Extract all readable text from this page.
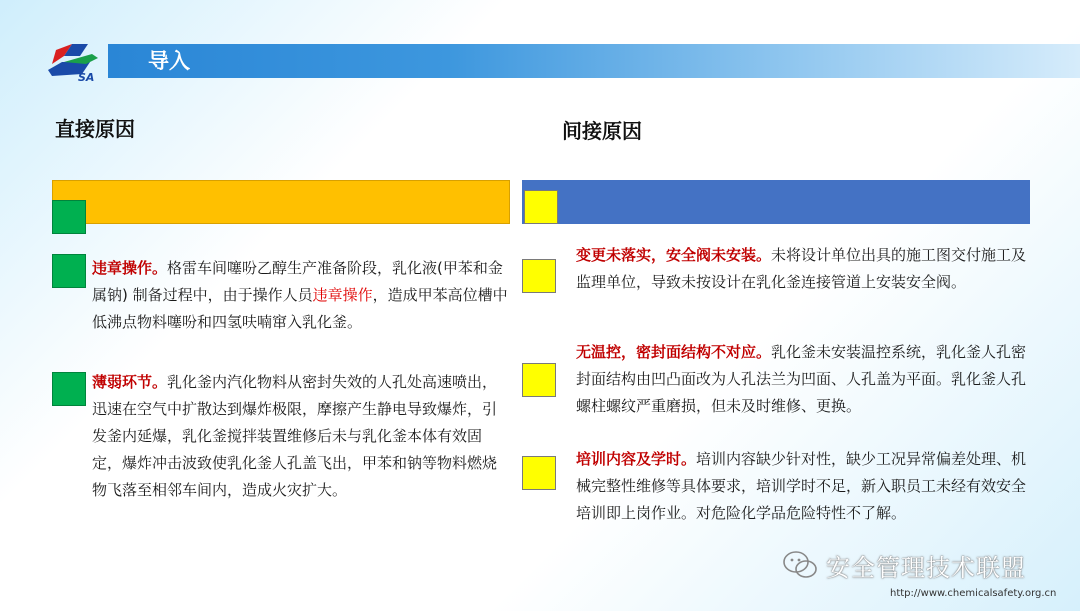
SA
导入
直接原因	间接原因
违章操作。格雷车间噻吩乙醇生产准备阶段，乳化液(甲苯和金属钠) 制备过程中，由于操作人员违章操作，造成甲苯高位槽中低沸点物料噻吩和四氢呋喃窜入乳化釜。
薄弱环节。乳化釜内汽化物料从密封失效的人孔处高速喷出，迅速在空气中扩散达到爆炸极限，摩擦产生静电导致爆炸，引发釜内延爆，乳化釜搅拌装置维修后未与乳化釜本体有效固定，爆炸冲击波致使乳化釜人孔盖飞出，甲苯和钠等物料燃烧物飞落至相邻车间内，造成火灾扩大。
变更未落实，安全阀未安装。未将设计单位出具的施工图交付施工及监理单位，导致未按设计在乳化釜连接管道上安装安全阀。
无温控，密封面结构不对应。乳化釜未安装温控系统，乳化釜人孔密封面结构由凹凸面改为人孔法兰为凹面、人孔盖为平面。乳化釜人孔螺柱螺纹严重磨损，但未及时维修、更换。
培训内容及学时。培训内容缺少针对性，缺少工况异常偏差处理、机械完整性维修等具体要求，培训学时不足，新入职员工未经有效安全培训即上岗作业。对危险化学品危险特性不了解。
安全管理技术联盟
http://www.chemicalsafety.org.cn
